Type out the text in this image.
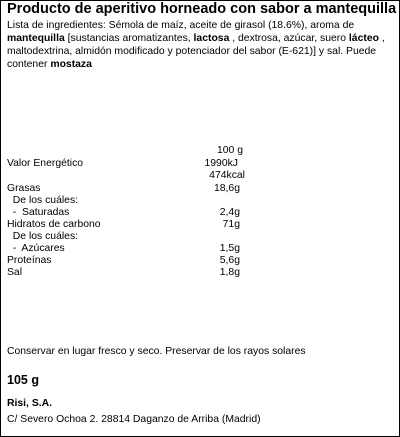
Producto de aperitivo horneado con sabor a mantequilla
Lista de ingredientes: Sémola de maíz, aceite de girasol (18.6%), aroma de mantequilla [sustancias aromatizantes, lactosa , dextrosa, azúcar, suero lácteo , maltodextrina, almidón modificado y potenciador del sabor (E-621)] y sal. Puede contener mostaza
100 g
Valor Energético	1990kJ
474kcal
Grasas	18,6g
De los cuáles:
-  Saturadas	2,4g
Hidratos de carbono	71g
De los cuáles:
-  Azúcares	1,5g
Proteínas	5,6g
Sal	1,8g
Conservar en lugar fresco y seco. Preservar de los rayos solares
105 g
Risi, S.A.
C/ Severo Ochoa 2. 28814 Daganzo de Arriba (Madrid)
